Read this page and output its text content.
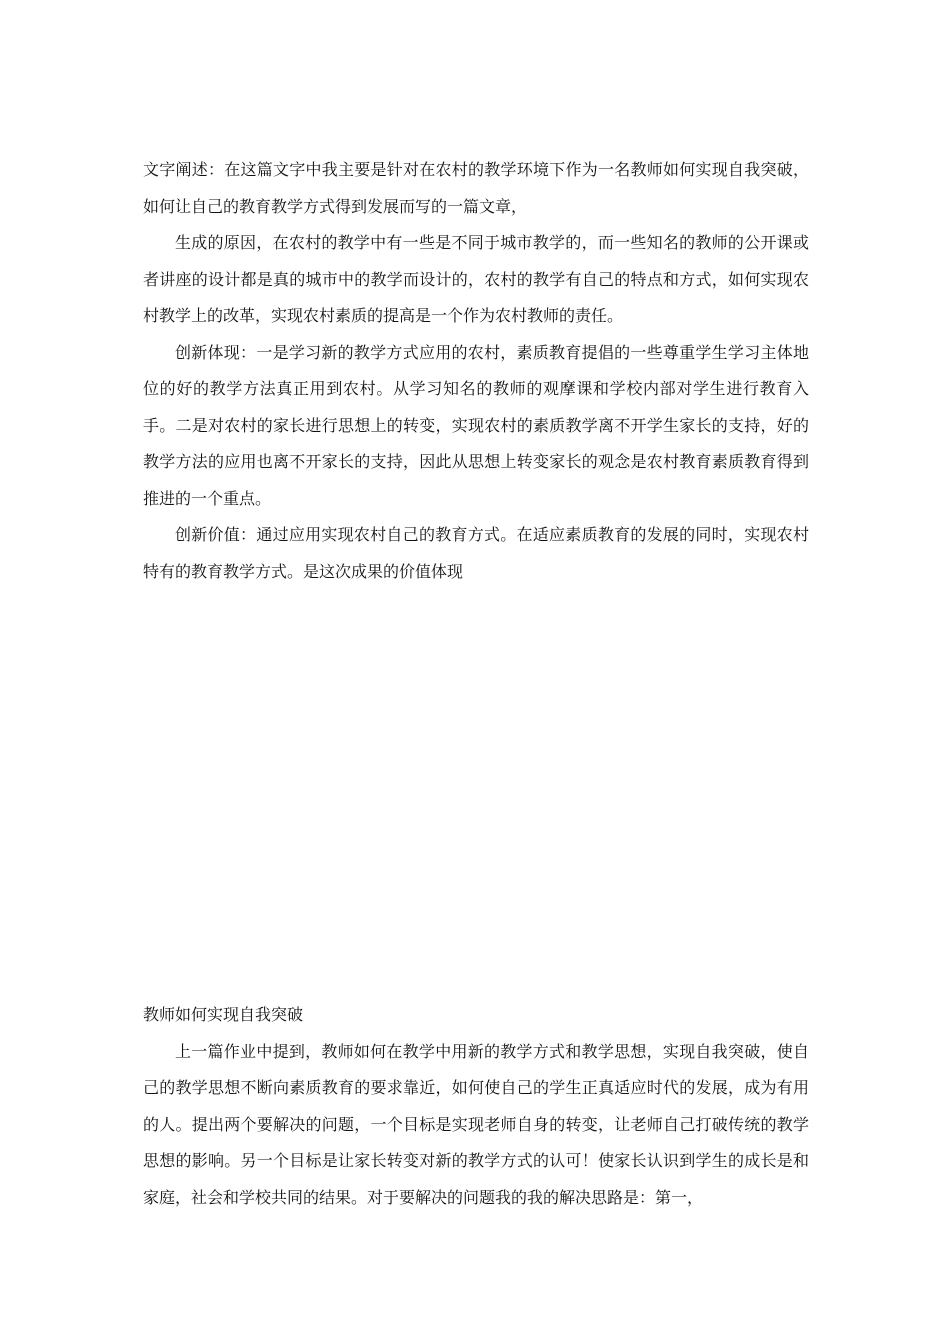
文字阐述：在这篇文字中我主要是针对在农村的教学环境下作为一名教师如何实现自我突破，如何让自己的教育教学方式得到发展而写的一篇文章，

生成的原因，在农村的教学中有一些是不同于城市教学的，而一些知名的教师的公开课或者讲座的设计都是真的城市中的教学而设计的，农村的教学有自己的特点和方式，如何实现农村教学上的改革，实现农村素质的提高是一个作为农村教师的责任。

创新体现：一是学习新的教学方式应用的农村，素质教育提倡的一些尊重学生学习主体地位的好的教学方法真正用到农村。从学习知名的教师的观摩课和学校内部对学生进行教育入手。二是对农村的家长进行思想上的转变，实现农村的素质教学离不开学生家长的支持，好的教学方法的应用也离不开家长的支持，因此从思想上转变家长的观念是农村教育素质教育得到推进的一个重点。

创新价值：通过应用实现农村自己的教育方式。在适应素质教育的发展的同时，实现农村特有的教育教学方式。是这次成果的价值体现

教师如何实现自我突破

上一篇作业中提到，教师如何在教学中用新的教学方式和教学思想，实现自我突破，使自己的教学思想不断向素质教育的要求靠近，如何使自己的学生正真适应时代的发展，成为有用的人。提出两个要解决的问题，一个目标是实现老师自身的转变，让老师自己打破传统的教学思想的影响。另一个目标是让家长转变对新的教学方式的认可！使家长认识到学生的成长是和家庭，社会和学校共同的结果。对于要解决的问题我的我的解决思路是：第一，
